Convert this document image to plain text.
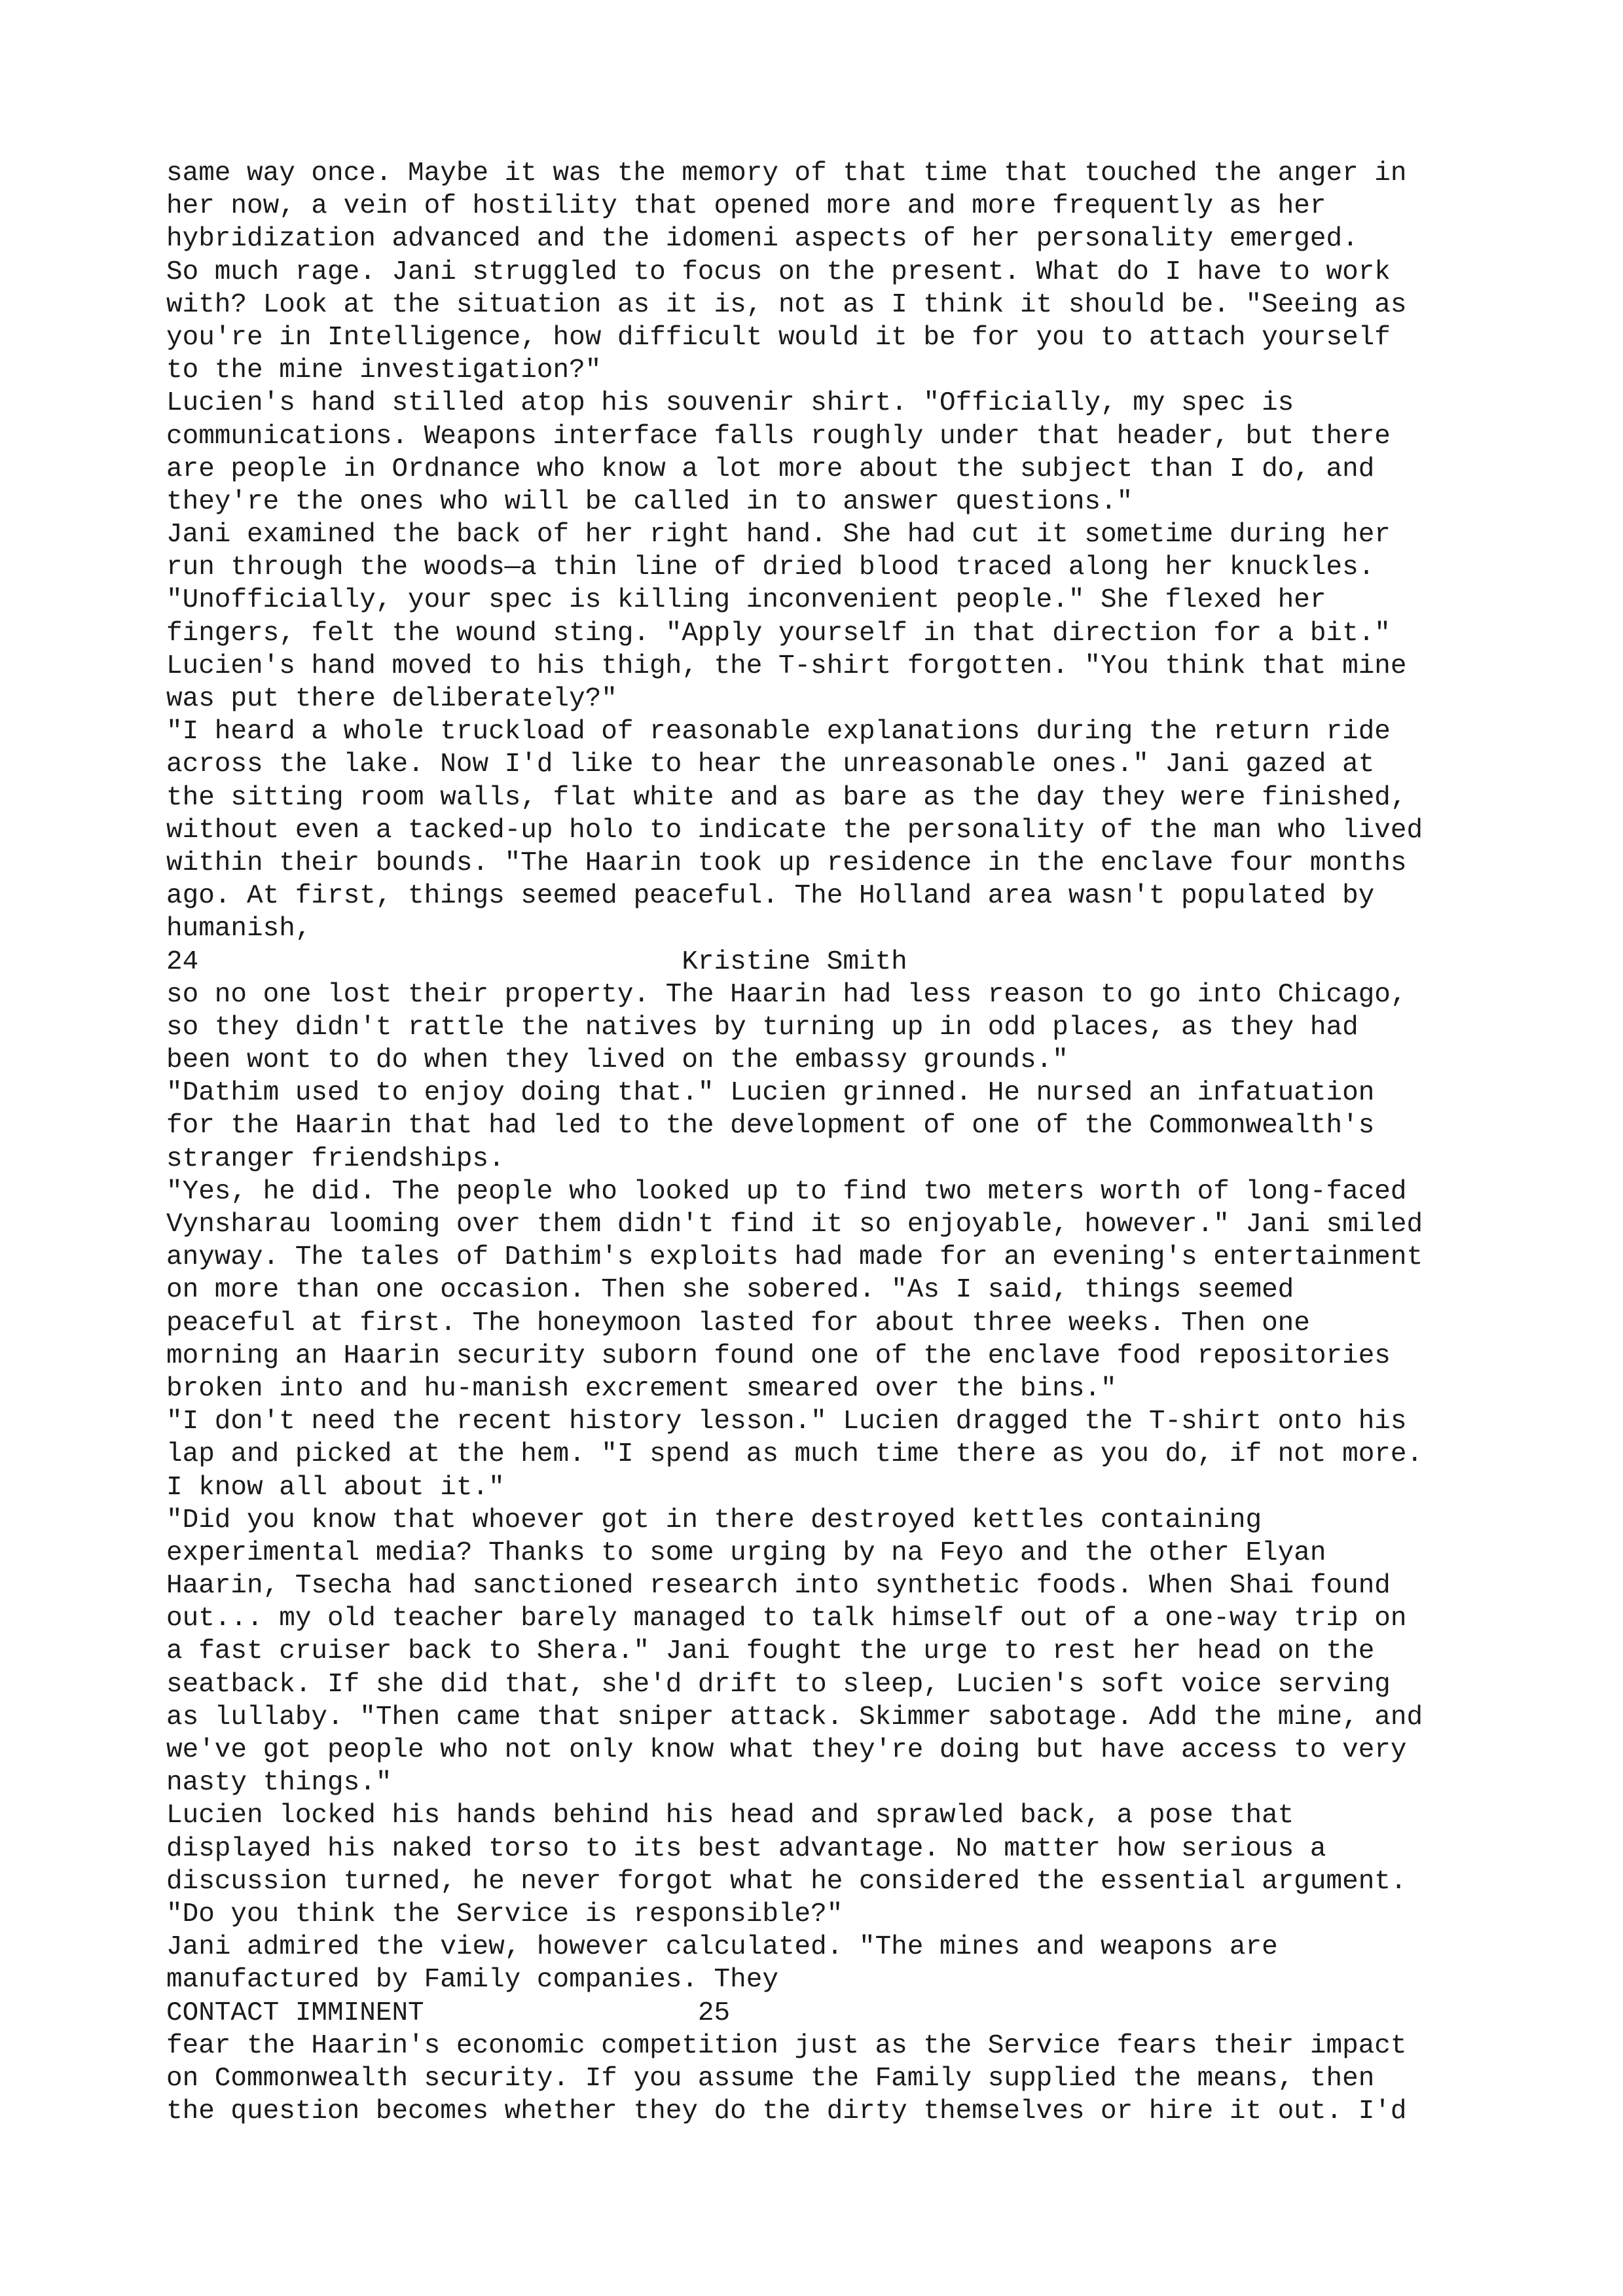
same way once. Maybe it was the memory of that time that touched the anger in
her now, a vein of hostility that opened more and more frequently as her
hybridization advanced and the idomeni aspects of her personality emerged.
So much rage. Jani struggled to focus on the present. What do I have to work
with? Look at the situation as it is, not as I think it should be. "Seeing as
you're in Intelligence, how difficult would it be for you to attach yourself
to the mine investigation?"
Lucien's hand stilled atop his souvenir shirt. "Officially, my spec is
communications. Weapons interface falls roughly under that header, but there
are people in Ordnance who know a lot more about the subject than I do, and
they're the ones who will be called in to answer questions."
Jani examined the back of her right hand. She had cut it sometime during her
run through the woods—a thin line of dried blood traced along her knuckles.
"Unofficially, your spec is killing inconvenient people." She flexed her
fingers, felt the wound sting. "Apply yourself in that direction for a bit."
Lucien's hand moved to his thigh, the T-shirt forgotten. "You think that mine
was put there deliberately?"
"I heard a whole truckload of reasonable explanations during the return ride
across the lake. Now I'd like to hear the unreasonable ones." Jani gazed at
the sitting room walls, flat white and as bare as the day they were finished,
without even a tacked-up holo to indicate the personality of the man who lived
within their bounds. "The Haarin took up residence in the enclave four months
ago. At first, things seemed peaceful. The Holland area wasn't populated by
humanish,
24                              Kristine Smith
so no one lost their property. The Haarin had less reason to go into Chicago,
so they didn't rattle the natives by turning up in odd places, as they had
been wont to do when they lived on the embassy grounds."
"Dathim used to enjoy doing that." Lucien grinned. He nursed an infatuation
for the Haarin that had led to the development of one of the Commonwealth's
stranger friendships.
"Yes, he did. The people who looked up to find two meters worth of long-faced
Vynsharau looming over them didn't find it so enjoyable, however." Jani smiled
anyway. The tales of Dathim's exploits had made for an evening's entertainment
on more than one occasion. Then she sobered. "As I said, things seemed
peaceful at first. The honeymoon lasted for about three weeks. Then one
morning an Haarin security suborn found one of the enclave food repositories
broken into and hu-manish excrement smeared over the bins."
"I don't need the recent history lesson." Lucien dragged the T-shirt onto his
lap and picked at the hem. "I spend as much time there as you do, if not more.
I know all about it."
"Did you know that whoever got in there destroyed kettles containing
experimental media? Thanks to some urging by na Feyo and the other Elyan
Haarin, Tsecha had sanctioned research into synthetic foods. When Shai found
out... my old teacher barely managed to talk himself out of a one-way trip on
a fast cruiser back to Shera." Jani fought the urge to rest her head on the
seatback. If she did that, she'd drift to sleep, Lucien's soft voice serving
as lullaby. "Then came that sniper attack. Skimmer sabotage. Add the mine, and
we've got people who not only know what they're doing but have access to very
nasty things."
Lucien locked his hands behind his head and sprawled back, a pose that
displayed his naked torso to its best advantage. No matter how serious a
discussion turned, he never forgot what he considered the essential argument.
"Do you think the Service is responsible?"
Jani admired the view, however calculated. "The mines and weapons are
manufactured by Family companies. They
CONTACT IMMINENT                 25
fear the Haarin's economic competition just as the Service fears their impact
on Commonwealth security. If you assume the Family supplied the means, then
the question becomes whether they do the dirty themselves or hire it out. I'd
